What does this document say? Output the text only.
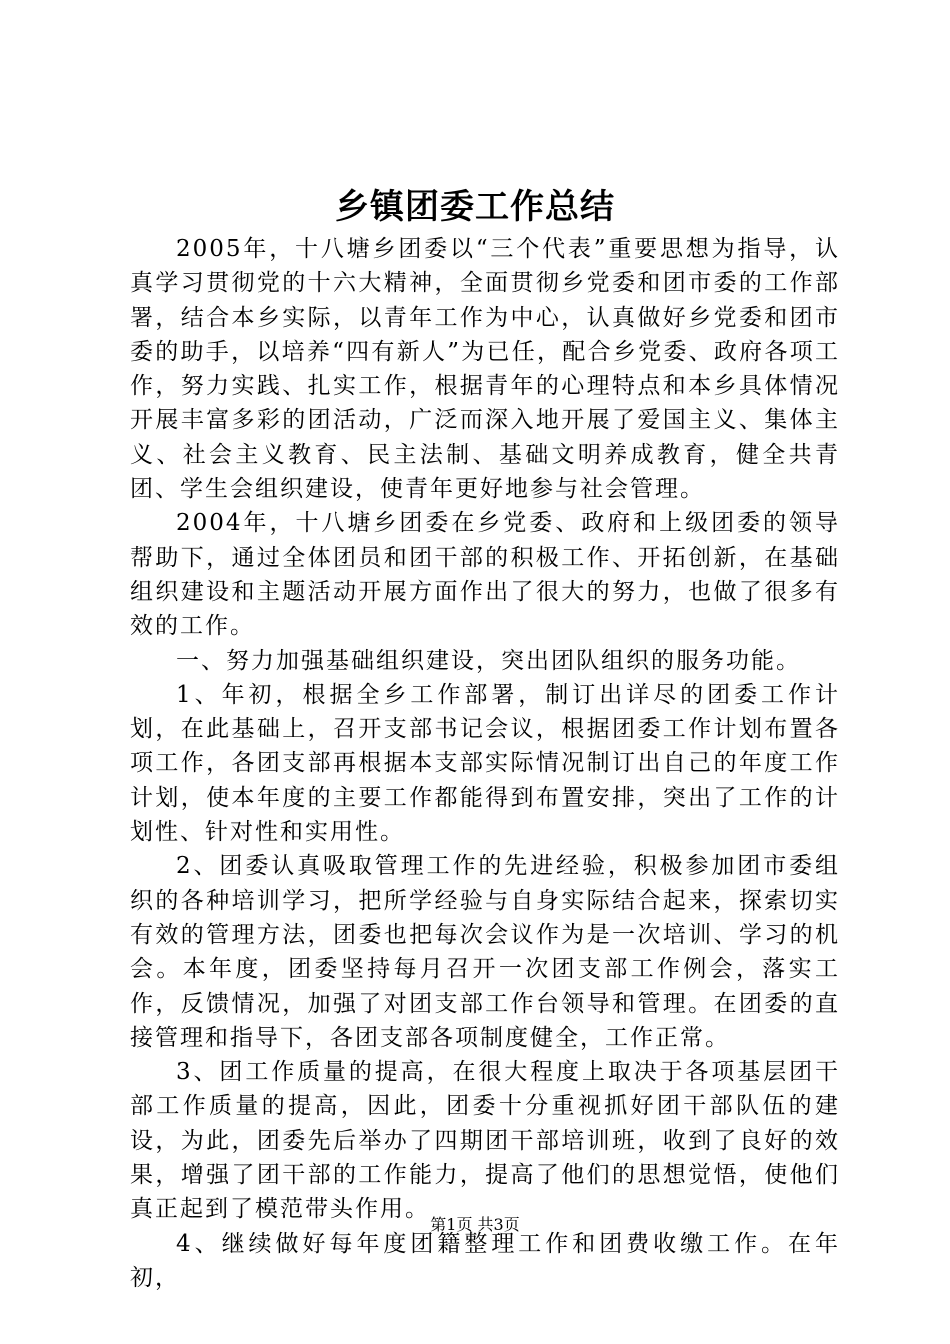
乡镇团委工作总结

2005年，十八塘乡团委以“三个代表”重要思想为指导，认真学习贯彻党的十六大精神，全面贯彻乡党委和团市委的工作部署，结合本乡实际，以青年工作为中心，认真做好乡党委和团市委的助手，以培养“四有新人”为已任，配合乡党委、政府各项工作，努力实践、扎实工作，根据青年的心理特点和本乡具体情况开展丰富多彩的团活动，广泛而深入地开展了爱国主义、集体主义、社会主义教育、民主法制、基础文明养成教育，健全共青团、学生会组织建设，使青年更好地参与社会管理。

2004年，十八塘乡团委在乡党委、政府和上级团委的领导帮助下，通过全体团员和团干部的积极工作、开拓创新，在基础组织建设和主题活动开展方面作出了很大的努力，也做了很多有效的工作。

一、努力加强基础组织建设，突出团队组织的服务功能。

1、年初，根据全乡工作部署，制订出详尽的团委工作计划，在此基础上，召开支部书记会议，根据团委工作计划布置各项工作，各团支部再根据本支部实际情况制订出自己的年度工作计划，使本年度的主要工作都能得到布置安排，突出了工作的计划性、针对性和实用性。

2、团委认真吸取管理工作的先进经验，积极参加团市委组织的各种培训学习，把所学经验与自身实际结合起来，探索切实有效的管理方法，团委也把每次会议作为是一次培训、学习的机会。本年度，团委坚持每月召开一次团支部工作例会，落实工作，反馈情况，加强了对团支部工作台领导和管理。在团委的直接管理和指导下，各团支部各项制度健全，工作正常。

3、团工作质量的提高，在很大程度上取决于各项基层团干部工作质量的提高，因此，团委十分重视抓好团干部队伍的建设，为此，团委先后举办了四期团干部培训班，收到了良好的效果，增强了团干部的工作能力，提高了他们的思想觉悟，使他们真正起到了模范带头作用。

4、继续做好每年度团籍整理工作和团费收缴工作。在年初，

第1页 共3页
